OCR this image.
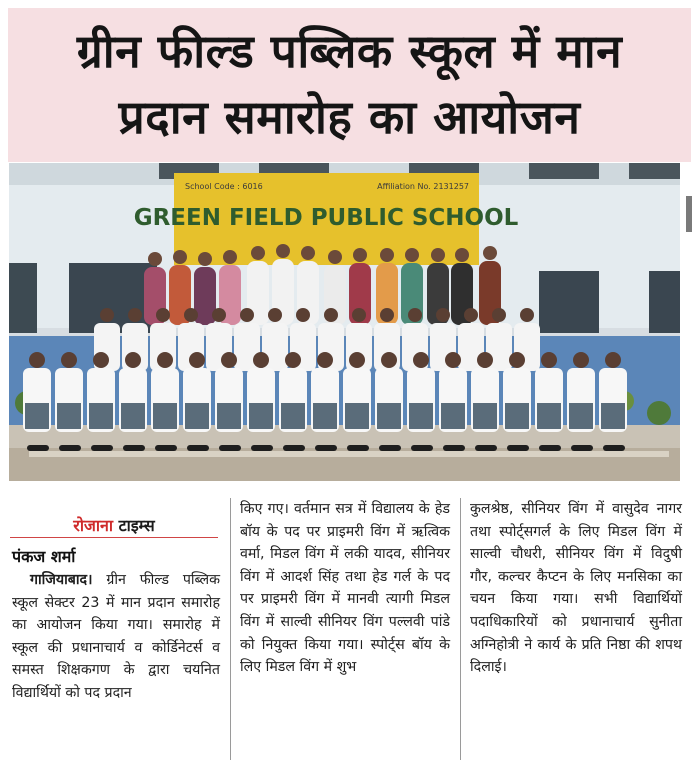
ग्रीन फील्ड पब्लिक स्कूल में मान
प्रदान समारोह का आयोजन
GREEN FIELD PUBLIC SCHOOL
School Code : 6016	Affiliation No. 2131257
रोजाना टाइम्स
पंकज शर्मा
गाजियाबाद। ग्रीन फील्ड पब्लिक स्कूल सेक्टर 23 में मान प्रदान समारोह का आयोजन किया गया। समारोह में स्कूल की प्रधानाचार्य व कोर्डिनेटर्स व समस्त शिक्षकगण के द्वारा चयनित विद्यार्थियों को पद प्रदान

किए गए। वर्तमान सत्र में विद्यालय के हेड बॉय के पद पर प्राइमरी विंग में ऋत्विक वर्मा, मिडल विंग में लकी यादव, सीनियर विंग में आदर्श सिंह तथा हेड गर्ल के पद पर प्राइमरी विंग में मानवी त्यागी मिडल विंग में साल्वी सीनियर विंग पल्लवी पांडे को नियुक्त किया गया। स्पोर्ट्स बॉय के लिए मिडल विंग में शुभ

कुलश्रेष्ठ, सीनियर विंग में वासुदेव नागर तथा स्पोर्ट्सगर्ल के लिए मिडल विंग में साल्वी चौधरी, सीनियर विंग में विदुषी गौर, कल्चर कैप्टन के लिए मनसिका का चयन किया गया। सभी विद्यार्थियों पदाधिकारियों को प्रधानाचार्य सुनीता अग्निहोत्री ने कार्य के प्रति निष्ठा की शपथ दिलाई।
